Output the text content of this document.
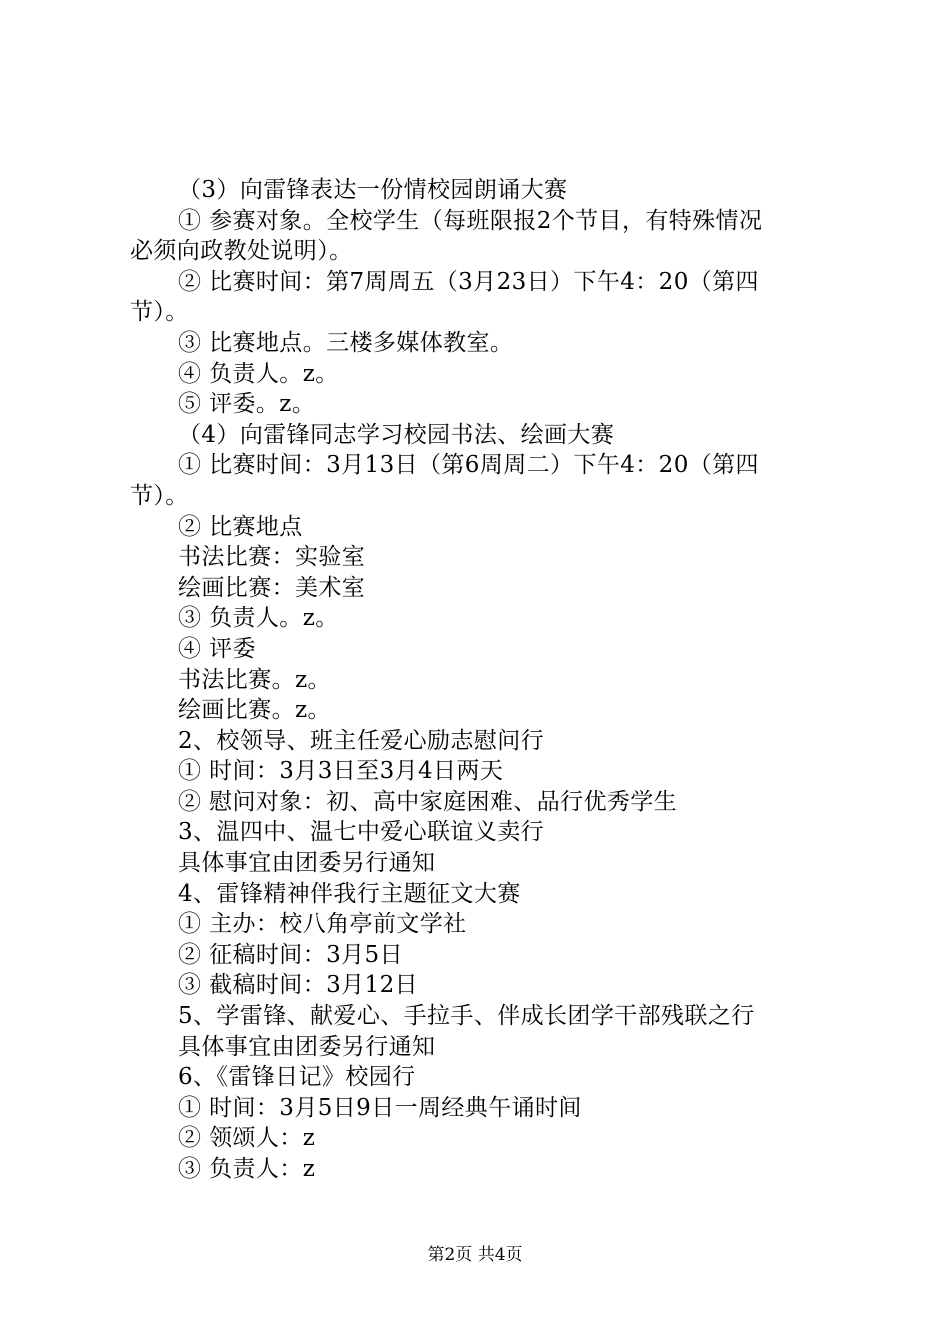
（3）向雷锋表达一份情校园朗诵大赛
① 参赛对象。全校学生（每班限报2个节目，有特殊情况
必须向政教处说明）。
② 比赛时间：第7周周五（3月23日）下午4：20（第四
节）。
③ 比赛地点。三楼多媒体教室。
④ 负责人。z。
⑤ 评委。z。
（4）向雷锋同志学习校园书法、绘画大赛
① 比赛时间：3月13日（第6周周二）下午4：20（第四
节）。
② 比赛地点
书法比赛：实验室
绘画比赛：美术室
③ 负责人。z。
④ 评委
书法比赛。z。
绘画比赛。z。
2、校领导、班主任爱心励志慰问行
① 时间：3月3日至3月4日两天
② 慰问对象：初、高中家庭困难、品行优秀学生
3、温四中、温七中爱心联谊义卖行
具体事宜由团委另行通知
4、雷锋精神伴我行主题征文大赛
① 主办：校八角亭前文学社
② 征稿时间：3月5日
③ 截稿时间：3月12日
5、学雷锋、献爱心、手拉手、伴成长团学干部残联之行
具体事宜由团委另行通知
6、《雷锋日记》校园行
① 时间：3月5日9日一周经典午诵时间
② 领颂人：z
③ 负责人：z
第2页 共4页
